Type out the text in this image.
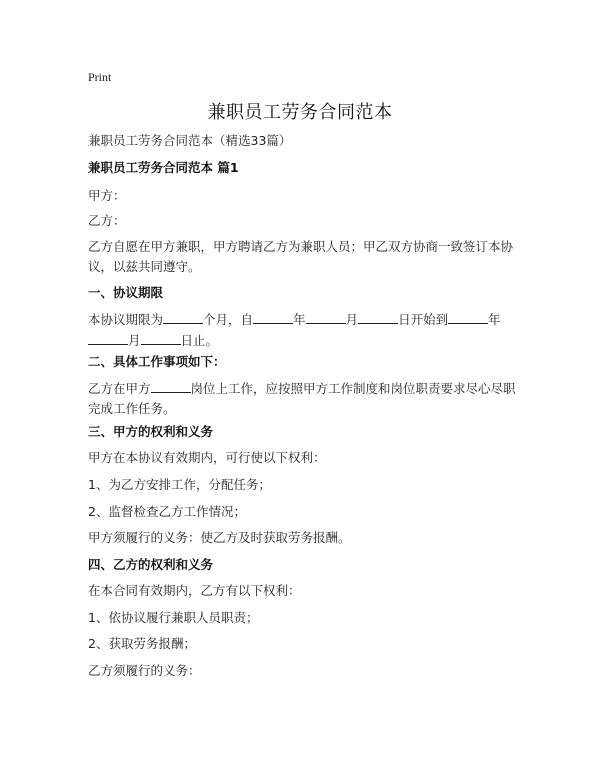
Print
兼职员工劳务合同范本
兼职员工劳务合同范本（精选33篇）
兼职员工劳务合同范本 篇1
甲方：
乙方：
乙方自愿在甲方兼职，甲方聘请乙方为兼职人员；甲乙双方协商一致签订本协议，以兹共同遵守。
一、协议期限
本协议期限为	个月，自	年	月	日开始到	年月	日止。
二、具体工作事项如下：
乙方在甲方	岗位上工作，应按照甲方工作制度和岗位职责要求尽心尽职完成工作任务。
三、甲方的权利和义务
甲方在本协议有效期内，可行使以下权利：
1、为乙方安排工作，分配任务；
2、监督检查乙方工作情况；
甲方须履行的义务：使乙方及时获取劳务报酬。
四、乙方的权利和义务
在本合同有效期内，乙方有以下权利：
1、依协议履行兼职人员职责；
2、获取劳务报酬；
乙方须履行的义务：
